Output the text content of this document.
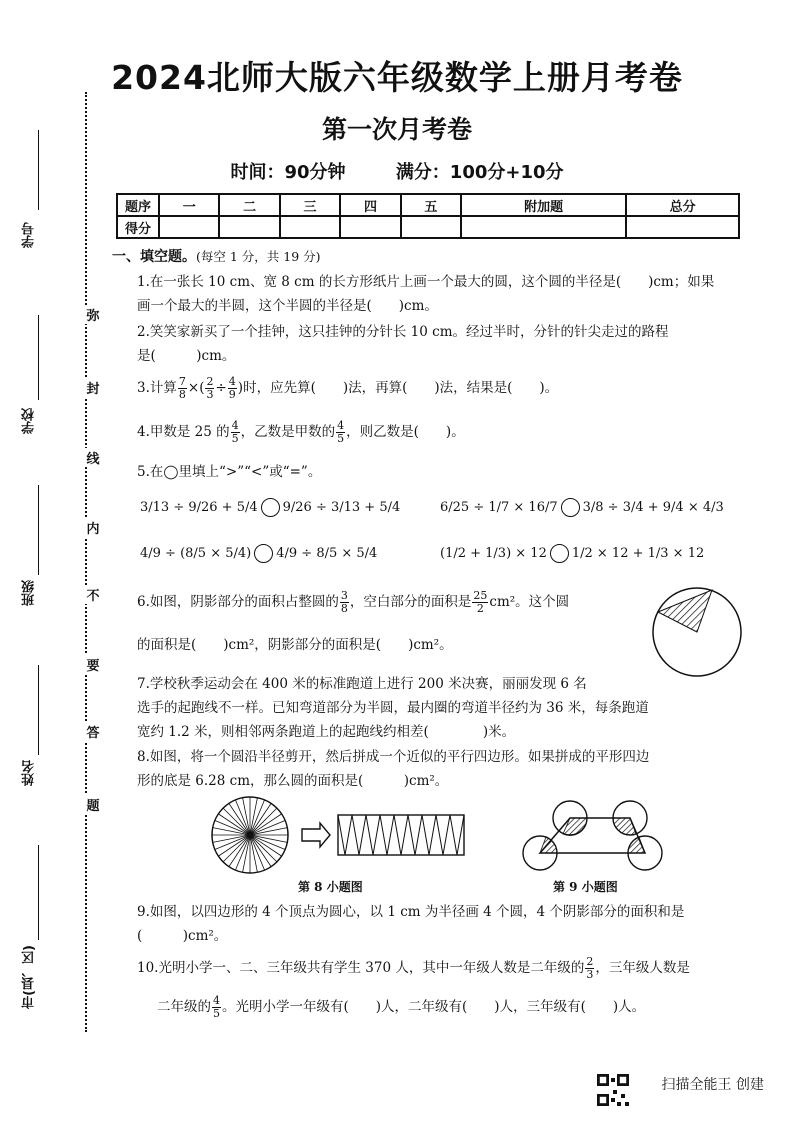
2024北师大版六年级数学上册月考卷
第一次月考卷
时间：90分钟	满分：100分+10分
题序	一	二	三	四	五	附加题	总分
得分							
弥
封
线
内
不
要
答
题
学号
学校
班级
姓名
市(县、区)
一、填空题。(每空 1 分，共 19 分)
1.在一张长 10 cm、宽 8 cm 的长方形纸片上画一个最大的圆，这个圆的半径是(　　)cm；如果
画一个最大的半圆，这个半圆的半径是(　　)cm。
2.笑笑家新买了一个挂钟，这只挂钟的分针长 10 cm。经过半时，分针的针尖走过的路程
是(　　　)cm。
3.计算 $\frac{7}{8}$ ×( $\frac{2}{3} \div \frac{4}{9}$ )时，应先算(　　)法，再算(　　)法，结果是(　　)。
4.甲数是 25 的 $\frac{4}{5}$ ，乙数是甲数的 $\frac{4}{5}$ ，则乙数是(　　)。
5.在◯里填上“>”“<”或“=”。
3/13 ÷ 9/26 + 5/4 9/26 ÷ 3/13 + 5/4	6/25 ÷ 1/7 × 16/7 3/8 ÷ 3/4 + 9/4 × 4/3
4/9 ÷ (8/5 × 5/4) 4/9 ÷ 8/5 × 5/4	(1/2 + 1/3) × 12 1/2 × 12 + 1/3 × 12
6.如图，阴影部分的面积占整圆的 $\frac{3}{8}$ ，空白部分的面积是 $\frac{25}{2} cm^2$。这个圆
的面积是(　　)cm²，阴影部分的面积是(　　)cm²。
7.学校秋季运动会在 400 米的标准跑道上进行 200 米决赛，丽丽发现 6 名
选手的起跑线不一样。已知弯道部分为半圆，最内圈的弯道半径约为 36 米，每条跑道
宽约 1.2 米，则相邻两条跑道上的起跑线约相差(　　　　)米。
8.如图，将一个圆沿半径剪开，然后拼成一个近似的平行四边形。如果拼成的平形四边
形的底是 6.28 cm，那么圆的面积是(　　　)cm²。
第 8 小题图	第 9 小题图
9.如图，以四边形的 4 个顶点为圆心，以 1 cm 为半径画 4 个圆，4 个阴影部分的面积和是
(　　　)cm²。
10.光明小学一、二、三年级共有学生 370 人，其中一年级人数是二年级的 $\frac{2}{3}$ ，三年级人数是
二年级的 $\frac{4}{5}$ 。光明小学一年级有(　　)人，二年级有(　　)人，三年级有(　　)人。
扫描全能王 创建
